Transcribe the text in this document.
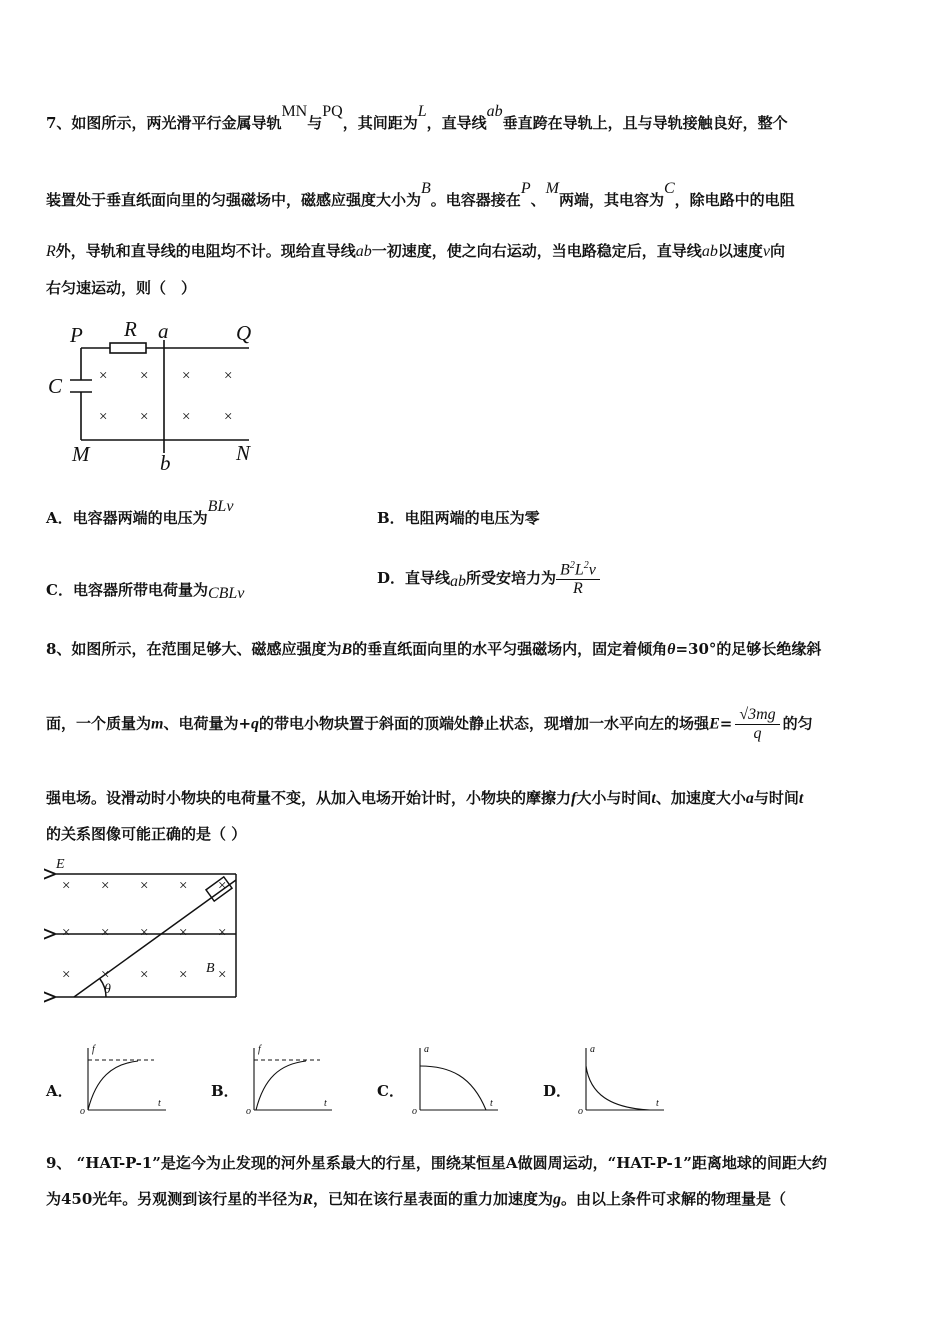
7、如图所示，两光滑平行金属导轨MN与PQ，其间距为L，直导线ab垂直跨在导轨上，且与导轨接触良好，整个
装置处于垂直纸面向里的匀强磁场中，磁感应强度大小为B。电容器接在P、M两端，其电容为C，除电路中的电阻
R外，导轨和直导线的电阻均不计。现给直导线ab一初速度，使之向右运动，当电路稳定后，直导线ab以速度v向
右匀速运动，则（　）
P R a	Q
C
M	b	N
× × × ×
× × × ×
A．电容器两端的电压为BLv
B．电阻两端的电压为零
C．电容器所带电荷量为CBLv
D．直导线ab所受安培力为 $\frac{B^2L^2v}{R}$
8、如图所示，在范围足够大、磁感应强度为B的垂直纸面向里的水平匀强磁场内，固定着倾角θ=30°的足够长绝缘斜
面，一个质量为m、电荷量为+q的带电小物块置于斜面的顶端处静止状态，现增加一水平向左的场强$E= \frac{√3mg}{q}$ 的匀
强电场。设滑动时小物块的电荷量不变，从加入电场开始计时，小物块的摩擦力f大小与时间t、加速度大小a与时间t
的关系图像可能正确的是（ ）
× × × × ×
× × × × ×
× × × × ×
E
B
θ
A．
f
t
o
B．
f
t
o
C．
a
t
o
D．
a
t
o
9、 “HAT-P-1”是迄今为止发现的河外星系最大的行星，围绕某恒星A做圆周运动，“HAT-P-1”距离地球的间距大约
为450光年。另观测到该行星的半径为R，已知在该行星表面的重力加速度为g。由以上条件可求解的物理量是（
